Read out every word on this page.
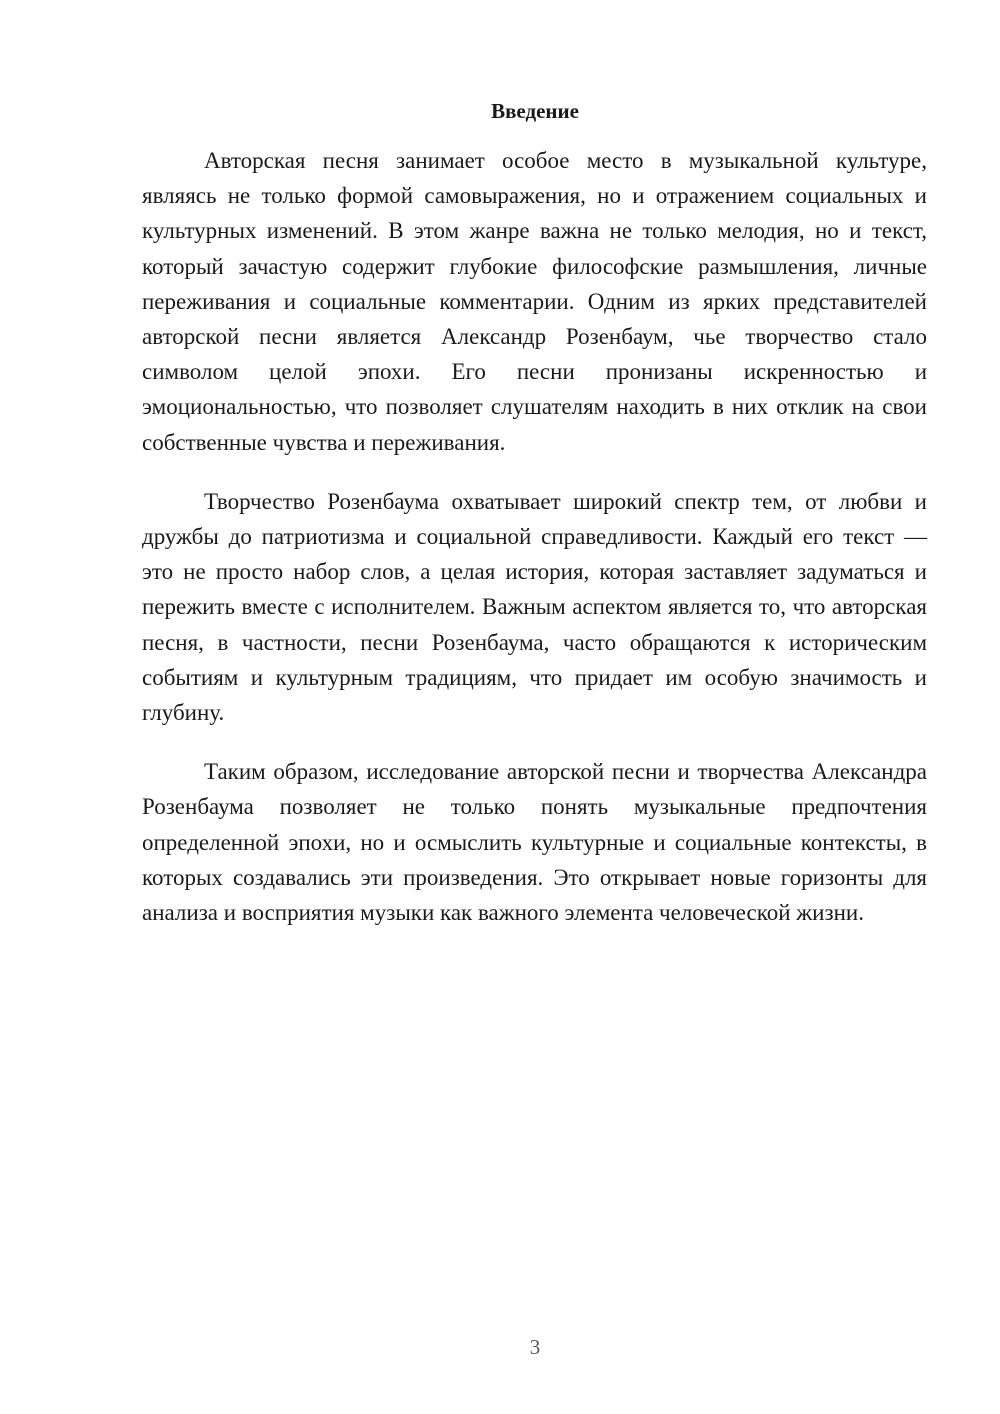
Введение

Авторская песня занимает особое место в музыкальной культуре, являясь не только формой самовыражения, но и отражением социальных и культурных изменений. В этом жанре важна не только мелодия, но и текст, который зачастую содержит глубокие философские размышления, личные переживания и социальные комментарии. Одним из ярких представителей авторской песни является Александр Розенбаум, чье творчество стало символом целой эпохи. Его песни пронизаны искренностью и эмоциональностью, что позволяет слушателям находить в них отклик на свои собственные чувства и переживания.

Творчество Розенбаума охватывает широкий спектр тем, от любви и дружбы до патриотизма и социальной справедливости. Каждый его текст — это не просто набор слов, а целая история, которая заставляет задуматься и пережить вместе с исполнителем. Важным аспектом является то, что авторская песня, в частности, песни Розенбаума, часто обращаются к историческим событиям и культурным традициям, что придает им особую значимость и глубину.

Таким образом, исследование авторской песни и творчества Александра Розенбаума позволяет не только понять музыкальные предпочтения определенной эпохи, но и осмыслить культурные и социальные контексты, в которых создавались эти произведения. Это открывает новые горизонты для анализа и восприятия музыки как важного элемента человеческой жизни.

3
